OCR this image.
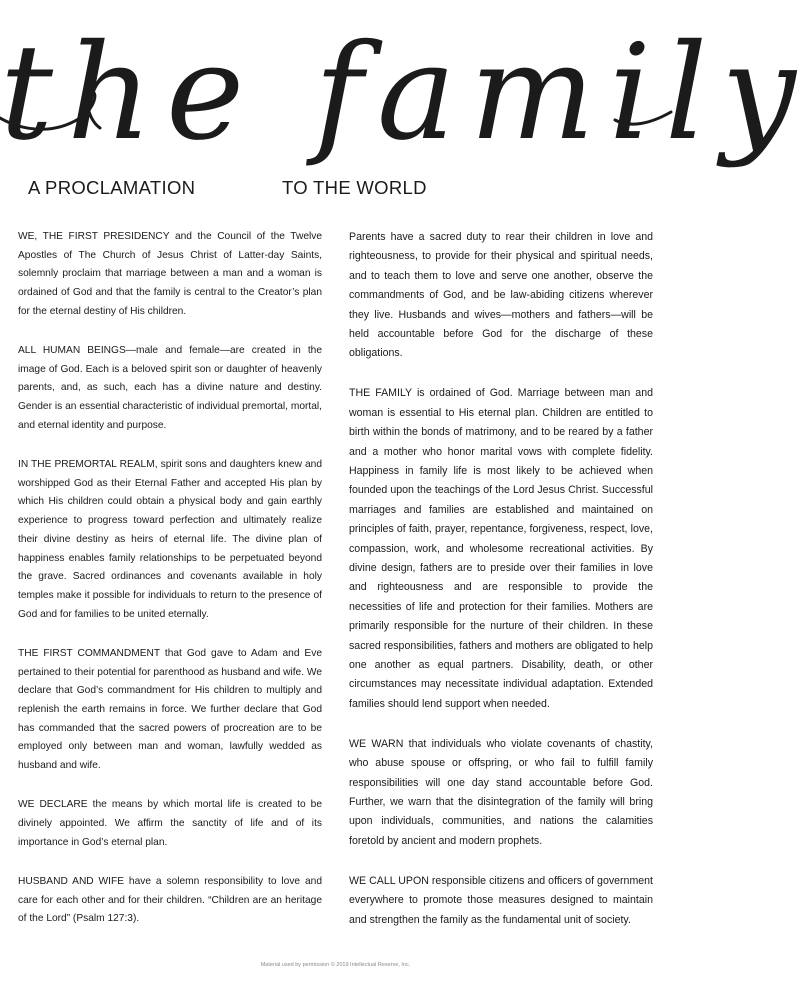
the family
A PROCLAMATION	TO THE WORLD

WE, THE FIRST PRESIDENCY and the Council of the Twelve Apostles of The Church of Jesus Christ of Latter-day Saints, solemnly proclaim that marriage between a man and a woman is ordained of God and that the family is central to the Creator’s plan for the eternal destiny of His children.

ALL HUMAN BEINGS—male and female—are created in the image of God. Each is a beloved spirit son or daughter of heavenly parents, and, as such, each has a divine nature and destiny. Gender is an essential characteristic of individual premortal, mortal, and eternal identity and purpose.

IN THE PREMORTAL REALM, spirit sons and daughters knew and worshipped God as their Eternal Father and accepted His plan by which His children could obtain a physical body and gain earthly experience to progress toward perfection and ultimately realize their divine destiny as heirs of eternal life. The divine plan of happiness enables family relationships to be perpetuated beyond the grave. Sacred ordinances and covenants available in holy temples make it possible for individuals to return to the presence of God and for families to be united eternally.

THE FIRST COMMANDMENT that God gave to Adam and Eve pertained to their potential for parenthood as husband and wife. We declare that God’s commandment for His children to multiply and replenish the earth remains in force. We further declare that God has commanded that the sacred powers of procreation are to be employed only between man and woman, lawfully wedded as husband and wife.

WE DECLARE the means by which mortal life is created to be divinely appointed. We affirm the sanctity of life and of its importance in God’s eternal plan.

HUSBAND AND WIFE have a solemn responsibility to love and care for each other and for their children. “Children are an heritage of the Lord” (Psalm 127:3).

Parents have a sacred duty to rear their children in love and righteousness, to provide for their physical and spiritual needs, and to teach them to love and serve one another, observe the commandments of God, and be law-abiding citizens wherever they live. Husbands and wives—mothers and fathers—will be held accountable before God for the discharge of these obligations.

THE FAMILY is ordained of God. Marriage between man and woman is essential to His eternal plan. Children are entitled to birth within the bonds of matrimony, and to be reared by a father and a mother who honor marital vows with complete fidelity. Happiness in family life is most likely to be achieved when founded upon the teachings of the Lord Jesus Christ. Successful marriages and families are established and maintained on principles of faith, prayer, repentance, forgiveness, respect, love, compassion, work, and wholesome recreational activities. By divine design, fathers are to preside over their families in love and righteousness and are responsible to provide the necessities of life and protection for their families. Mothers are primarily responsible for the nurture of their children. In these sacred responsibilities, fathers and mothers are obligated to help one another as equal partners. Disability, death, or other circumstances may necessitate individual adaptation. Extended families should lend support when needed.

WE WARN that individuals who violate covenants of chastity, who abuse spouse or offspring, or who fail to fulfill family responsibilities will one day stand accountable before God. Further, we warn that the disintegration of the family will bring upon individuals, communities, and nations the calamities foretold by ancient and modern prophets.

WE CALL UPON responsible citizens and officers of government everywhere to promote those measures designed to maintain and strengthen the family as the fundamental unit of society.

Material used by permission © 2019 Intellectual Reserve, Inc.
